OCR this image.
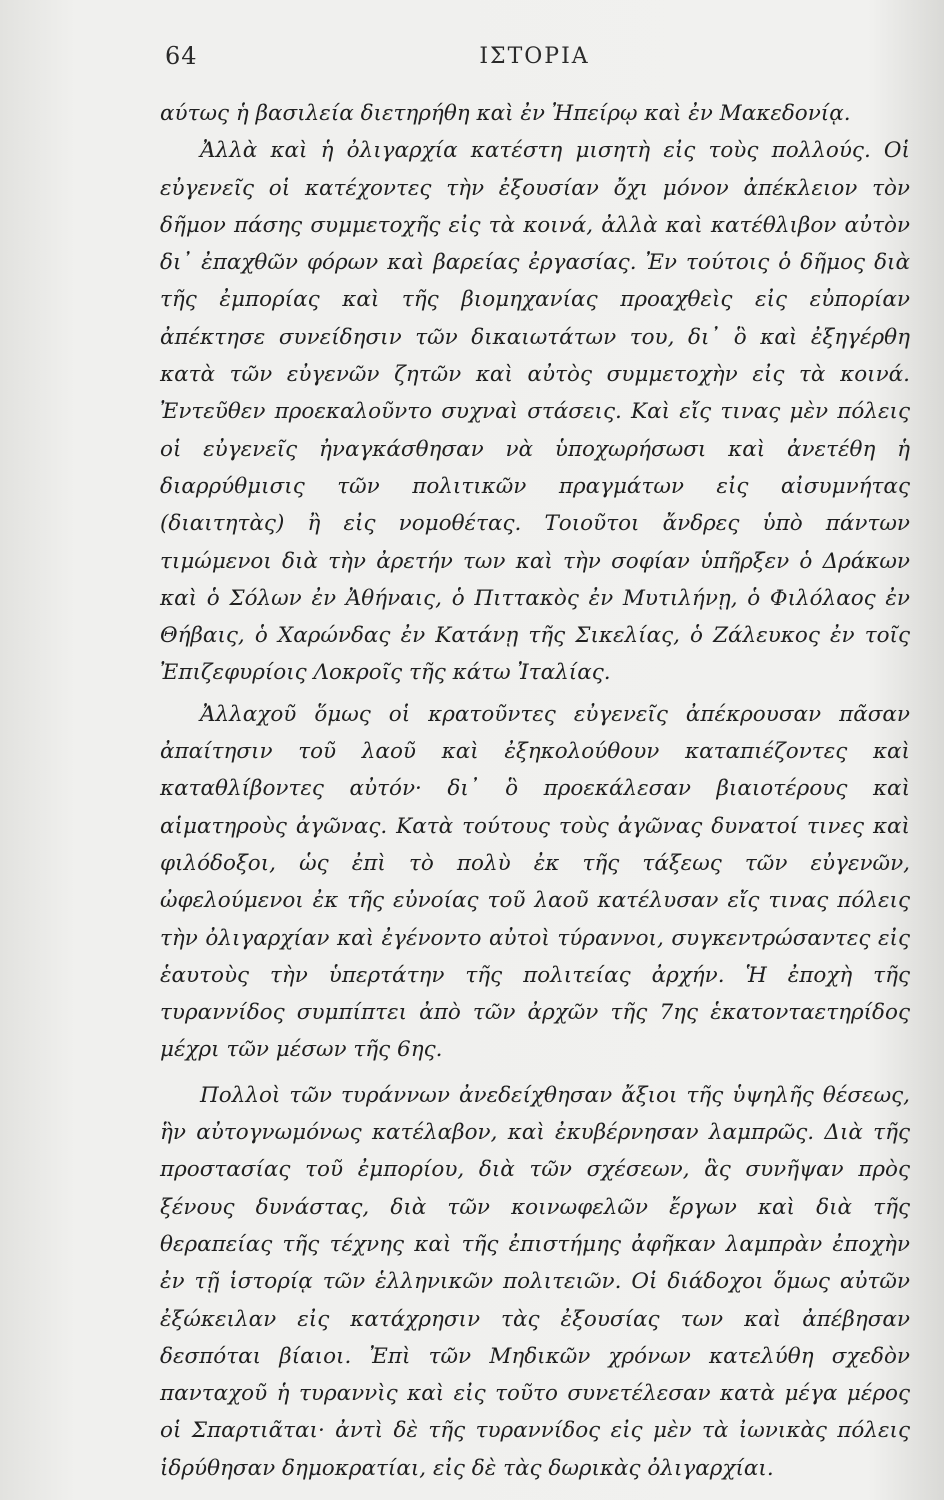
64	ΙΣΤΟΡΙΑ

αύτως ἡ βασιλεία διετηρήθη καὶ ἐν Ἠπείρῳ καὶ ἐν Μακεδονίᾳ.

Ἀλλὰ καὶ ἡ ὀλιγαρχία κατέστη μισητὴ εἰς τοὺς πολλούς. Οἱ εὐγενεῖς οἱ κατέχοντες τὴν ἐξουσίαν ὄχι μόνον ἀπέκλειον τὸν δῆμον πάσης συμμετοχῆς εἰς τὰ κοινά, ἀλλὰ καὶ κατέθλιβον αὐτὸν δι᾿ ἐπαχθῶν φόρων καὶ βαρείας ἐργασίας. Ἐν τούτοις ὁ δῆμος διὰ τῆς ἐμπορίας καὶ τῆς βιομηχανίας προαχθεὶς εἰς εὐπορίαν ἀπέκτησε συνείδησιν τῶν δικαιωτάτων του, δι᾿ ὃ καὶ ἐξηγέρθη κατὰ τῶν εὐγενῶν ζητῶν καὶ αὐτὸς συμμετοχὴν εἰς τὰ κοινά. Ἐντεῦθεν προεκαλοῦντο συχναὶ στάσεις. Καὶ εἴς τινας μὲν πόλεις οἱ εὐγενεῖς ἠναγκάσθησαν νὰ ὑποχωρήσωσι καὶ ἀνετέθη ἡ διαρρύθμισις τῶν πολιτικῶν πραγμάτων εἰς αἰσυμνήτας (διαιτητὰς) ἢ εἰς νομοθέτας. Τοιοῦτοι ἄνδρες ὑπὸ πάντων τιμώμενοι διὰ τὴν ἀρετήν των καὶ τὴν σοφίαν ὑπῆρξεν ὁ Δράκων καὶ ὁ Σόλων ἐν Ἀθήναις, ὁ Πιττακὸς ἐν Μυτιλήνῃ, ὁ Φιλόλαος ἐν Θήβαις, ὁ Χαρώνδας ἐν Κατάνῃ τῆς Σικελίας, ὁ Ζάλευκος ἐν τοῖς Ἐπιζεφυρίοις Λοκροῖς τῆς κάτω Ἰταλίας.

Ἀλλαχοῦ ὅμως οἱ κρατοῦντες εὐγενεῖς ἀπέκρουσαν πᾶσαν ἀπαίτησιν τοῦ λαοῦ καὶ ἐξηκολούθουν καταπιέζοντες καὶ καταθλίβοντες αὐτόν· δι᾿ ὃ προεκάλεσαν βιαιοτέρους καὶ αἱματηροὺς ἀγῶνας. Κατὰ τούτους τοὺς ἀγῶνας δυνατοί τινες καὶ φιλόδοξοι, ὡς ἐπὶ τὸ πολὺ ἐκ τῆς τάξεως τῶν εὐγενῶν, ὠφελούμενοι ἐκ τῆς εὐνοίας τοῦ λαοῦ κατέλυσαν εἴς τινας πόλεις τὴν ὀλιγαρχίαν καὶ ἐγένοντο αὐτοὶ τύραννοι, συγκεντρώσαντες εἰς ἑαυτοὺς τὴν ὑπερτάτην τῆς πολιτείας ἀρχήν. Ἡ ἐποχὴ τῆς τυραννίδος συμπίπτει ἀπὸ τῶν ἀρχῶν τῆς 7ης ἑκατονταετηρίδος μέχρι τῶν μέσων τῆς 6ης.

Πολλοὶ τῶν τυράννων ἀνεδείχθησαν ἄξιοι τῆς ὑψηλῆς θέσεως, ἣν αὐτογνωμόνως κατέλαβον, καὶ ἐκυβέρνησαν λαμπρῶς. Διὰ τῆς προστασίας τοῦ ἐμπορίου, διὰ τῶν σχέσεων, ἃς συνῆψαν πρὸς ξένους δυνάστας, διὰ τῶν κοινωφελῶν ἔργων καὶ διὰ τῆς θεραπείας τῆς τέχνης καὶ τῆς ἐπιστήμης ἀφῆκαν λαμπρὰν ἐποχὴν ἐν τῇ ἱστορίᾳ τῶν ἑλληνικῶν πολιτειῶν. Οἱ διάδοχοι ὅμως αὐτῶν ἐξώκειλαν εἰς κατάχρησιν τὰς ἐξουσίας των καὶ ἀπέβησαν δεσπόται βίαιοι. Ἐπὶ τῶν Μηδικῶν χρόνων κατελύθη σχεδὸν πανταχοῦ ἡ τυραννὶς καὶ εἰς τοῦτο συνετέλεσαν κατὰ μέγα μέρος οἱ Σπαρτιᾶται· ἀντὶ δὲ τῆς τυραννίδος εἰς μὲν τὰ ἰωνικὰς πόλεις ἱδρύθησαν δημοκρατίαι, εἰς δὲ τὰς δωρικὰς ὀλιγαρχίαι.
